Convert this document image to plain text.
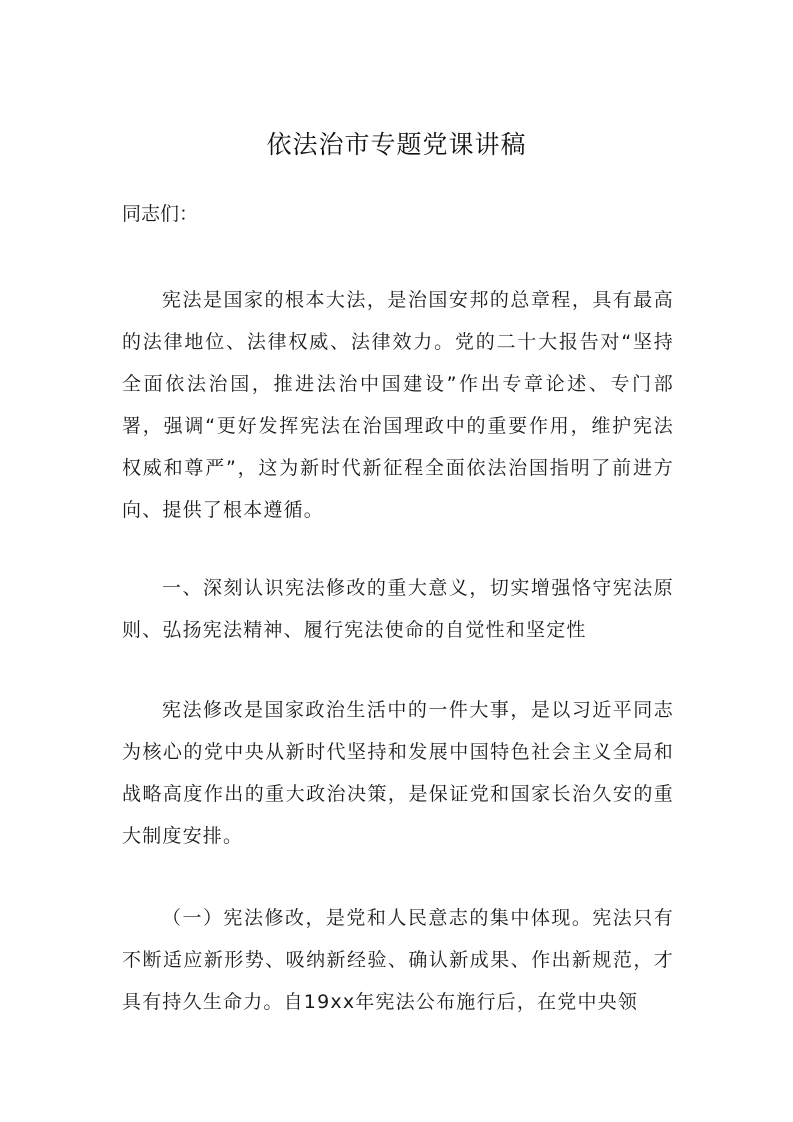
依法治市专题党课讲稿

同志们：

宪法是国家的根本大法，是治国安邦的总章程，具有最高的法律地位、法律权威、法律效力。党的二十大报告对“坚持全面依法治国，推进法治中国建设”作出专章论述、专门部署，强调“更好发挥宪法在治国理政中的重要作用，维护宪法权威和尊严”，这为新时代新征程全面依法治国指明了前进方向、提供了根本遵循。

一、深刻认识宪法修改的重大意义，切实增强恪守宪法原则、弘扬宪法精神、履行宪法使命的自觉性和坚定性

宪法修改是国家政治生活中的一件大事，是以习近平同志为核心的党中央从新时代坚持和发展中国特色社会主义全局和战略高度作出的重大政治决策，是保证党和国家长治久安的重大制度安排。

（一）宪法修改，是党和人民意志的集中体现。宪法只有不断适应新形势、吸纳新经验、确认新成果、作出新规范，才具有持久生命力。自19xx年宪法公布施行后，在党中央领
